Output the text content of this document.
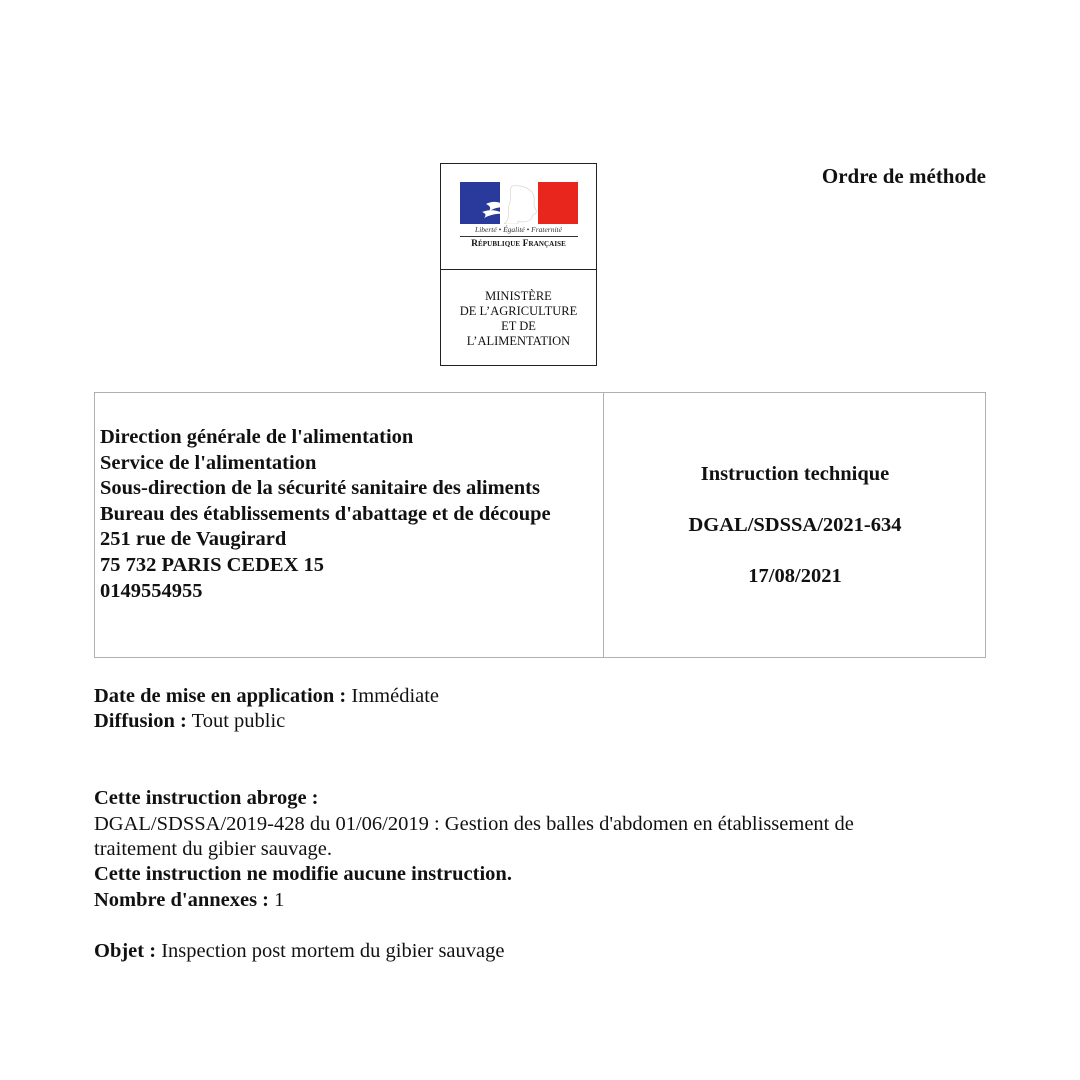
Ordre de méthode
Liberté • Égalité • Fraternité
République Française
MINISTÈRE
DE L’AGRICULTURE
ET DE
L’ALIMENTATION
Direction générale de l'alimentation
Service de l'alimentation
Sous-direction de la sécurité sanitaire des aliments
Bureau des établissements d'abattage et de découpe
251 rue de Vaugirard
75 732 PARIS CEDEX 15
0149554955
Instruction technique
DGAL/SDSSA/2021-634
17/08/2021
Date de mise en application : Immédiate
Diffusion : Tout public
Cette instruction abroge :
DGAL/SDSSA/2019-428 du 01/06/2019 : Gestion des balles d'abdomen en établissement de
traitement du gibier sauvage.
Cette instruction ne modifie aucune instruction.
Nombre d'annexes : 1
Objet : Inspection post mortem du gibier sauvage
